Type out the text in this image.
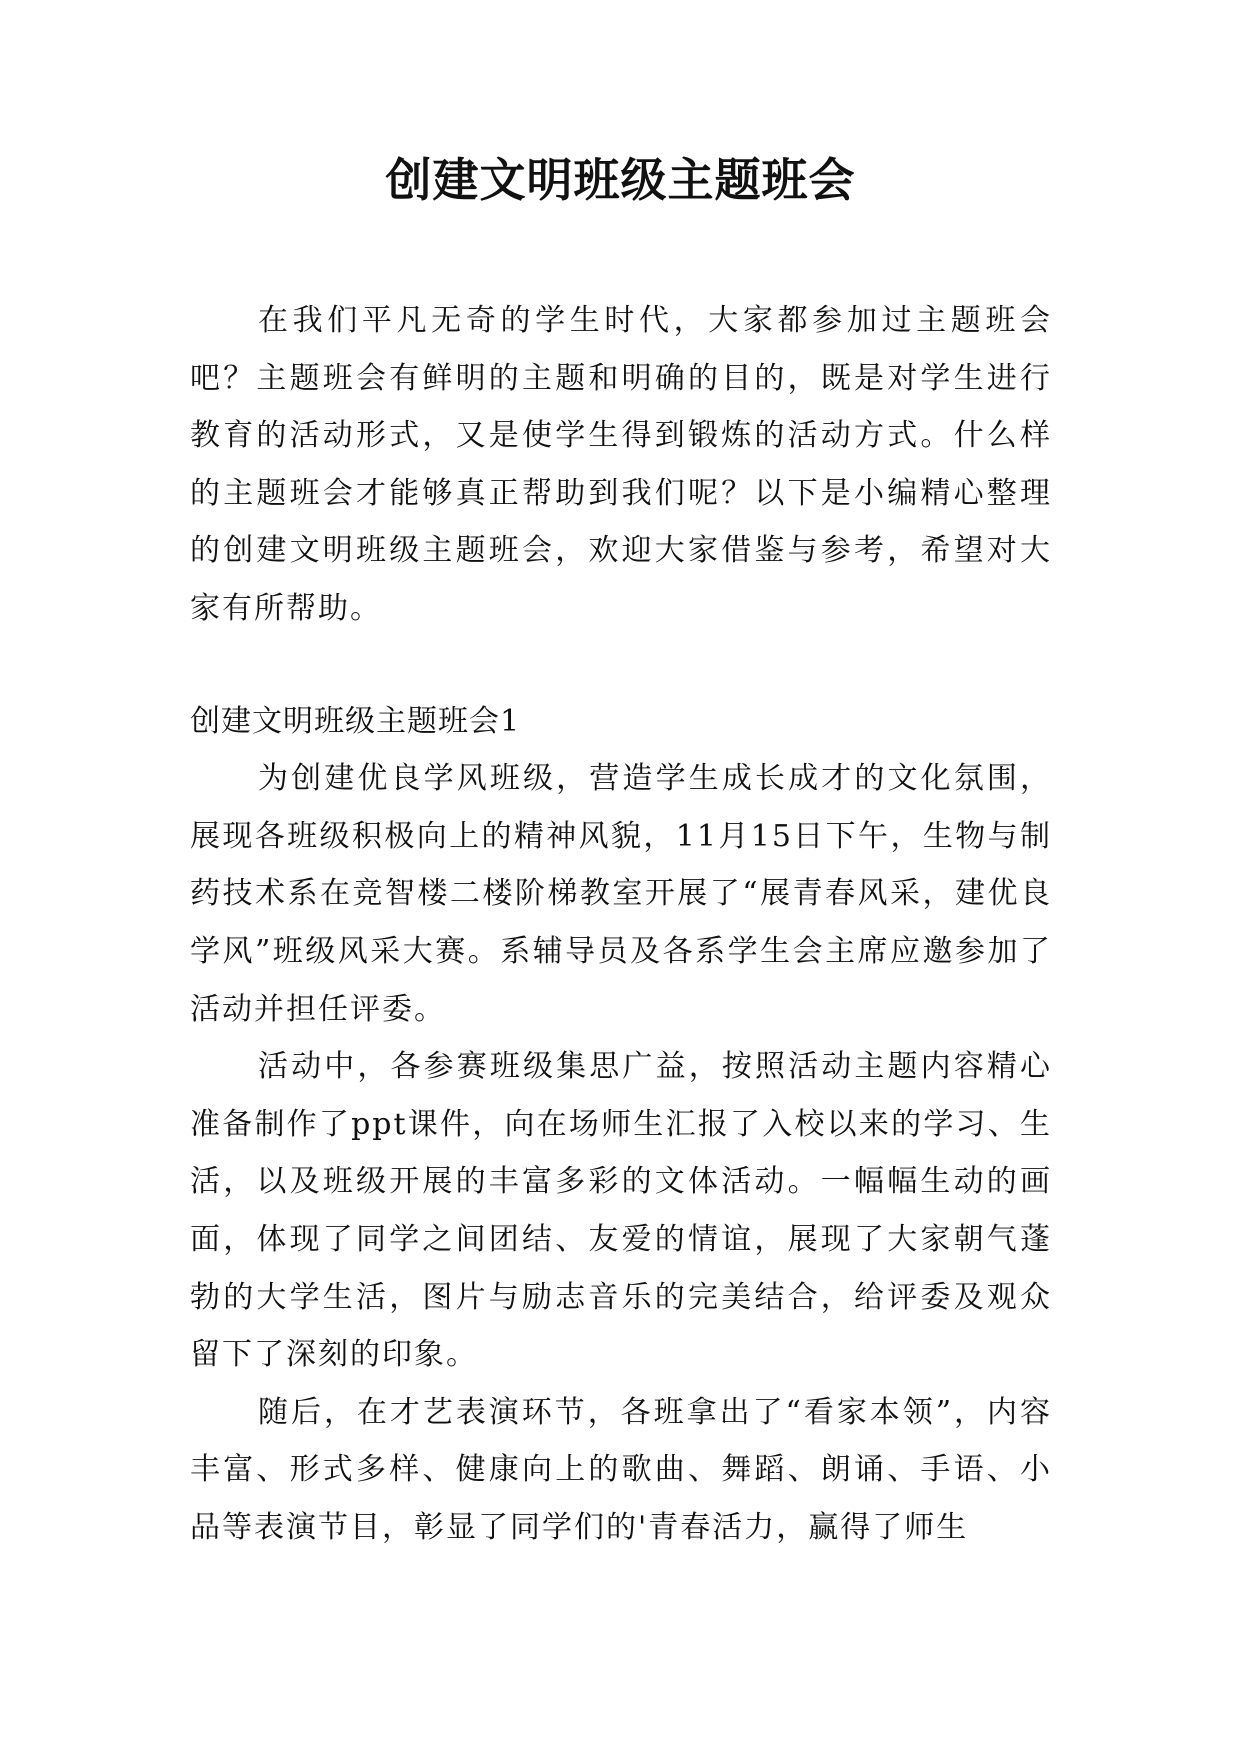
创建文明班级主题班会

在我们平凡无奇的学生时代，大家都参加过主题班会吧？主题班会有鲜明的主题和明确的目的，既是对学生进行教育的活动形式，又是使学生得到锻炼的活动方式。什么样的主题班会才能够真正帮助到我们呢？以下是小编精心整理的创建文明班级主题班会，欢迎大家借鉴与参考，希望对大家有所帮助。

创建文明班级主题班会1

为创建优良学风班级，营造学生成长成才的文化氛围，展现各班级积极向上的精神风貌，11月15日下午，生物与制药技术系在竞智楼二楼阶梯教室开展了“展青春风采，建优良学风”班级风采大赛。系辅导员及各系学生会主席应邀参加了活动并担任评委。

活动中，各参赛班级集思广益，按照活动主题内容精心准备制作了ppt课件，向在场师生汇报了入校以来的学习、生活，以及班级开展的丰富多彩的文体活动。一幅幅生动的画面，体现了同学之间团结、友爱的情谊，展现了大家朝气蓬勃的大学生活，图片与励志音乐的完美结合，给评委及观众留下了深刻的印象。

随后，在才艺表演环节，各班拿出了“看家本领”，内容丰富、形式多样、健康向上的歌曲、舞蹈、朗诵、手语、小品等表演节目，彰显了同学们的'青春活力，赢得了师生
